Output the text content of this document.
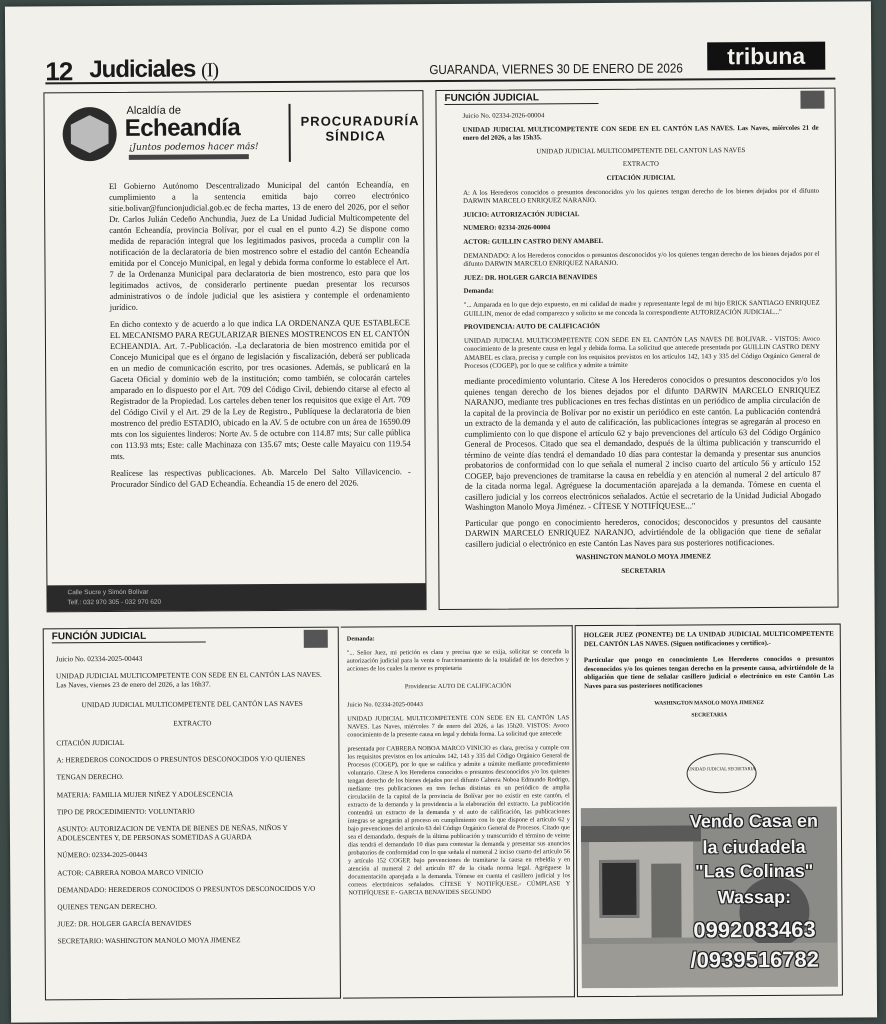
12 Judiciales (I)	GUARANDA, VIERNES 30 DE ENERO DE 2026	tribuna
Alcaldía de
Echeandía
¡Juntos podemos hacer más!
PROCURADURÍA SÍNDICA

El Gobierno Autónomo Descentralizado Municipal del cantón Echeandía, en cumplimiento a la sentencia emitida bajo correo electrónico sitie.bolivar@funcionjudicial.gob.ec de fecha martes, 13 de enero del 2026, por el señor Dr. Carlos Julián Cedeño Anchundia, Juez de La Unidad Judicial Multicompetente del cantón Echeandía, provincia Bolívar, por el cual en el punto 4.2) Se dispone como medida de reparación integral que los legitimados pasivos, proceda a cumplir con la notificación de la declaratoria de bien mostrenco sobre el estadio del cantón Echeandía emitida por el Concejo Municipal, en legal y debida forma conforme lo establece el Art. 7 de la Ordenanza Municipal para declaratoria de bien mostrenco, esto para que los legitimados activos, de considerarlo pertinente puedan presentar los recursos administrativos o de índole judicial que les asistiera y contemple el ordenamiento jurídico.

En dicho contexto y de acuerdo a lo que indica LA ORDENANZA QUE ESTABLECE EL MECANISMO PARA REGULARIZAR BIENES MOSTRENCOS EN EL CANTÓN ECHEANDIA. Art. 7.-Publicación. -La declaratoria de bien mostrenco emitida por el Concejo Municipal que es el órgano de legislación y fiscalización, deberá ser publicada en un medio de comunicación escrito, por tres ocasiones. Además, se publicará en la Gaceta Oficial y dominio web de la institución; como también, se colocarán carteles amparado en lo dispuesto por el Art. 709 del Código Civil, debiendo citarse al efecto al Registrador de la Propiedad. Los carteles deben tener los requisitos que exige el Art. 709 del Código Civil y el Art. 29 de la Ley de Registro., Publíquese la declaratoria de bien mostrenco del predio ESTADIO, ubicado en la AV. 5 de octubre con un área de 16590.09 mts con los siguientes linderos: Norte Av. 5 de octubre con 114.87 mts; Sur calle pública con 113.93 mts; Este: calle Machinaza con 135.67 mts; Oeste calle Mayaicu con 119.54 mts.

Realícese las respectivas publicaciones. Ab. Marcelo Del Salto Villavicencio. - Procurador Síndico del GAD Echeandía. Echeandía 15 de enero del 2026.

Calle Sucre y Simón Bolívar
Telf.: 032 970 305 - 032 970 620
FUNCIÓN JUDICIAL

Juicio No. 02334-2026-00004

UNIDAD JUDICIAL MULTICOMPETENTE CON SEDE EN EL CANTÓN LAS NAVES. Las Naves, miércoles 21 de enero del 2026, a las 15h35.

UNIDAD JUDICIAL MULTICOMPETENTE DEL CANTON LAS NAVES
EXTRACTO
CITACIÓN JUDICIAL

A: A los Herederos conocidos o presuntos desconocidos y/o los quienes tengan derecho de los bienes dejados por el difunto DARWIN MARCELO ENRIQUEZ NARANJO.

JUICIO: AUTORIZACIÓN JUDICIAL

NUMERO: 02334-2026-00004

ACTOR: GUILLIN CASTRO DENY AMABEL

DEMANDADO: A los Herederos conocidos o presuntos desconocidos y/o los quienes tengan derecho de los bienes dejados por el difunto DARWIN MARCELO ENRIQUEZ NARANJO.

JUEZ: DR. HOLGER GARCIA BENAVIDES

Demanda:

"... Amparada en lo que dejo expuesto, en mi calidad de madre y representante legal de mi hijo ERICK SANTIAGO ENRIQUEZ GUILLIN, menor de edad comparezco y solicito se me conceda la correspondiente AUTORIZACIÓN JUDICIAL..."

PROVIDENCIA: AUTO DE CALIFICACIÓN

UNIDAD JUDICIAL MULTICOMPETENTE CON SEDE EN EL CANTÓN LAS NAVES DE BOLIVAR. - VISTOS: Avoco conocimiento de la presente causa en legal y debida forma. La solicitud que antecede presentada por GUILLIN CASTRO DENY AMABEL es clara, precisa y cumple con los requisitos previstos en los artículos 142, 143 y 335 del Código Orgánico General de Procesos (COGEP), por lo que se califica y admite a trámite

mediante procedimiento voluntario. Cítese A los Herederos conocidos o presuntos desconocidos y/o los quienes tengan derecho de los bienes dejados por el difunto DARWIN MARCELO ENRIQUEZ NARANJO, mediante tres publicaciones en tres fechas distintas en un periódico de amplia circulación de la capital de la provincia de Bolívar por no existir un periódico en este cantón. La publicación contendrá un extracto de la demanda y el auto de calificación, las publicaciones íntegras se agregarán al proceso en cumplimiento con lo que dispone el artículo 62 y bajo prevenciones del artículo 63 del Código Orgánico General de Procesos. Citado que sea el demandado, después de la última publicación y transcurrido el término de veinte días tendrá el demandado 10 días para contestar la demanda y presentar sus anuncios probatorios de conformidad con lo que señala el numeral 2 inciso cuarto del artículo 56 y artículo 152 COGEP, bajo prevenciones de tramitarse la causa en rebeldía y en atención al numeral 2 del artículo 87 de la citada norma legal. Agréguese la documentación aparejada a la demanda. Tómese en cuenta el casillero judicial y los correos electrónicos señalados. Actúe el secretario de la Unidad Judicial Abogado Washington Manolo Moya Jiménez. - CÍTESE Y NOTIFÍQUESE..."

Particular que pongo en conocimiento herederos, conocidos; desconocidos y presuntos del causante DARWIN MARCELO ENRIQUEZ NARANJO, advirtiéndole de la obligación que tiene de señalar casillero judicial o electrónico en este Cantón Las Naves para sus posteriores notificaciones.

WASHINGTON MANOLO MOYA JIMENEZ
SECRETARIA
FUNCIÓN JUDICIAL

Juicio No. 02334-2025-00443

UNIDAD JUDICIAL MULTICOMPETENTE CON SEDE EN EL CANTÓN LAS NAVES. Las Naves, viernes 23 de enero del 2026, a las 16h37.

UNIDAD JUDICIAL MULTICOMPETENTE DEL CANTÓN LAS NAVES
EXTRACTO

CITACIÓN JUDICIAL

A: HEREDEROS CONOCIDOS O PRESUNTOS DESCONOCIDOS Y/O QUIENES

TENGAN DERECHO.

MATERIA: FAMILIA MUJER NIÑEZ Y ADOLESCENCIA

TIPO DE PROCEDIMIENTO: VOLUNTARIO

ASUNTO: AUTORIZACION DE VENTA DE BIENES DE NEÑAS, NIÑOS Y ADOLESCENTES Y, DE PERSONAS SOMETIDAS A GUARDA

NÚMERO: 02334-2025-00443

ACTOR: CABRERA NOBOA MARCO VINICIO

DEMANDADO: HEREDEROS CONOCIDOS O PRESUNTOS DESCONOCIDOS Y/O

QUIENES TENGAN DERECHO.

JUEZ: DR. HOLGER GARCÍA BENAVIDES

SECRETARIO: WASHINGTON MANOLO MOYA JIMENEZ

Demanda:

"... Señor Juez, mi petición es clara y precisa que se exija, solicitar se conceda la autorización judicial para la venta o fraccionamiento de la totalidad de los derechos y acciones de los cuales la menor es propietaria

Providencia: AUTO DE CALIFICACIÓN

Juicio No. 02334-2025-00443

UNIDAD JUDICIAL MULTICOMPETENTE CON SEDE EN EL CANTÓN LAS NAVES. Las Naves, miércoles 7 de enero del 2026, a las 15h20. VISTOS: Avoco conocimiento de la presente causa en legal y debida forma. La solicitud que antecede

presentada por CABRERA NOBOA MARCO VINICIO es clara, precisa y cumple con los requisitos previstos en los artículos 142, 143 y 335 del Código Orgánico General de Procesos (COGEP), por lo que se califica y admite a trámite mediante procedimiento voluntario. Cítese A los Herederos conocidos o presuntos desconocidos y/o los quienes tengan derecho de los bienes dejados por el difunto Cabrera Noboa Edmundo Rodrigo, mediante tres publicaciones en tres fechas distintas en un periódico de amplia circulación de la capital de la provincia de Bolívar por no existir en este cantón, el extracto de la demanda y la providencia a la elaboración del extracto. La publicación contendrá un extracto de la demanda y el auto de calificación, las publicaciones íntegras se agregarán al proceso en cumplimiento con lo que dispone el artículo 62 y bajo prevenciones del artículo 63 del Código Orgánico General de Procesos. Citado que sea el demandado, después de la última publicación y transcurrido el término de veinte días tendrá el demandado 10 días para contestar la demanda y presentar sus anuncios probatorios de conformidad con lo que señala el numeral 2 inciso cuarto del artículo 56 y artículo 152 COGEP, bajo prevenciones de tramitarse la causa en rebeldía y en atención al numeral 2 del artículo 87 de la citada norma legal. Agréguese la documentación aparejada a la demanda. Tómese en cuenta el casillero judicial y los correos electrónicos señalados. CÍTESE Y NOTIFÍQUESE.- CÚMPLASE Y NOTIFÍQUESE F.- GARCIA BENAVIDES SEGUNDO

HOLGER JUEZ (PONENTE) DE LA UNIDAD JUDICIAL MULTICOMPETENTE DEL CANTÓN LAS NAVES. (Siguen notificaciones y certifico).-

Particular que pongo en conocimiento Los Herederos conocidos o presuntos desconocidos y/o los quienes tengan derecho en la presente causa, advirtiéndole de la obligación que tiene de señalar casillero judicial o electrónico en este Cantón Las Naves para sus posteriores notificaciones

WASHINGTON MANOLO MOYA JIMENEZ
SECRETARIA
UNIDAD JUDICIAL SECRETARIA
Vendo Casa en
la ciudadela
"Las Colinas"
Wassap:
0992083463
/0939516782
